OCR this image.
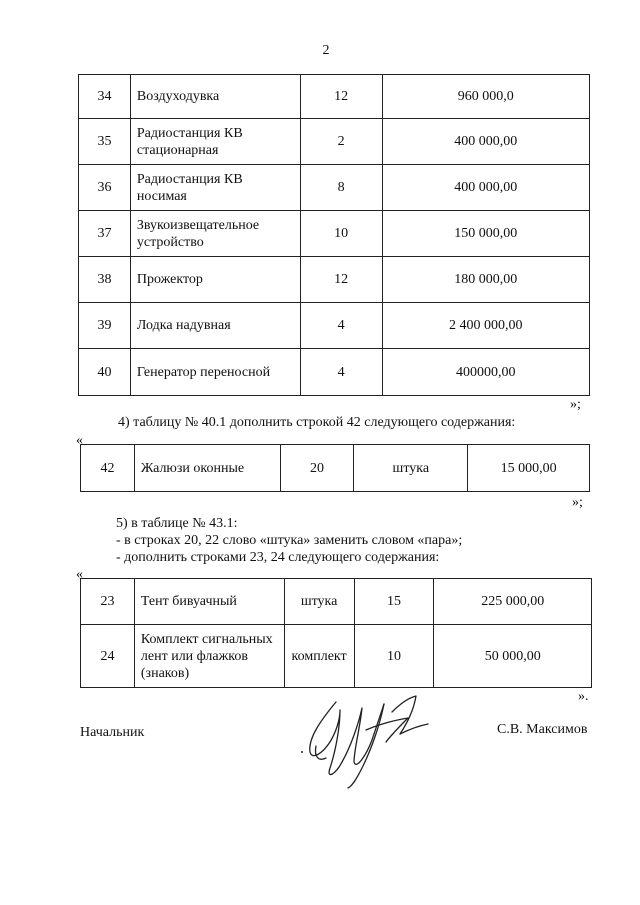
2
34	Воздуходувка	12	960 000,0
35	Радиостанция КВ стационарная	2	400 000,00
36	Радиостанция КВ носимая	8	400 000,00
37	Звукоизвещательное устройство	10	150 000,00
38	Прожектор	12	180 000,00
39	Лодка надувная	4	2 400 000,00
40	Генератор переносной	4	400000,00
»;
4) таблицу № 40.1 дополнить строкой 42 следующего содержания:
«
42	Жалюзи оконные	20	штука	15 000,00
»;
5) в таблице № 43.1:
- в строках 20, 22 слово «штука» заменить словом «пара»;
- дополнить строками 23, 24 следующего содержания:
«
23	Тент бивуачный	штука	15	225 000,00
24	Комплект сигнальных лент или флажков (знаков)	комплект	10	50 000,00
».
Начальник	С.В. Максимов
